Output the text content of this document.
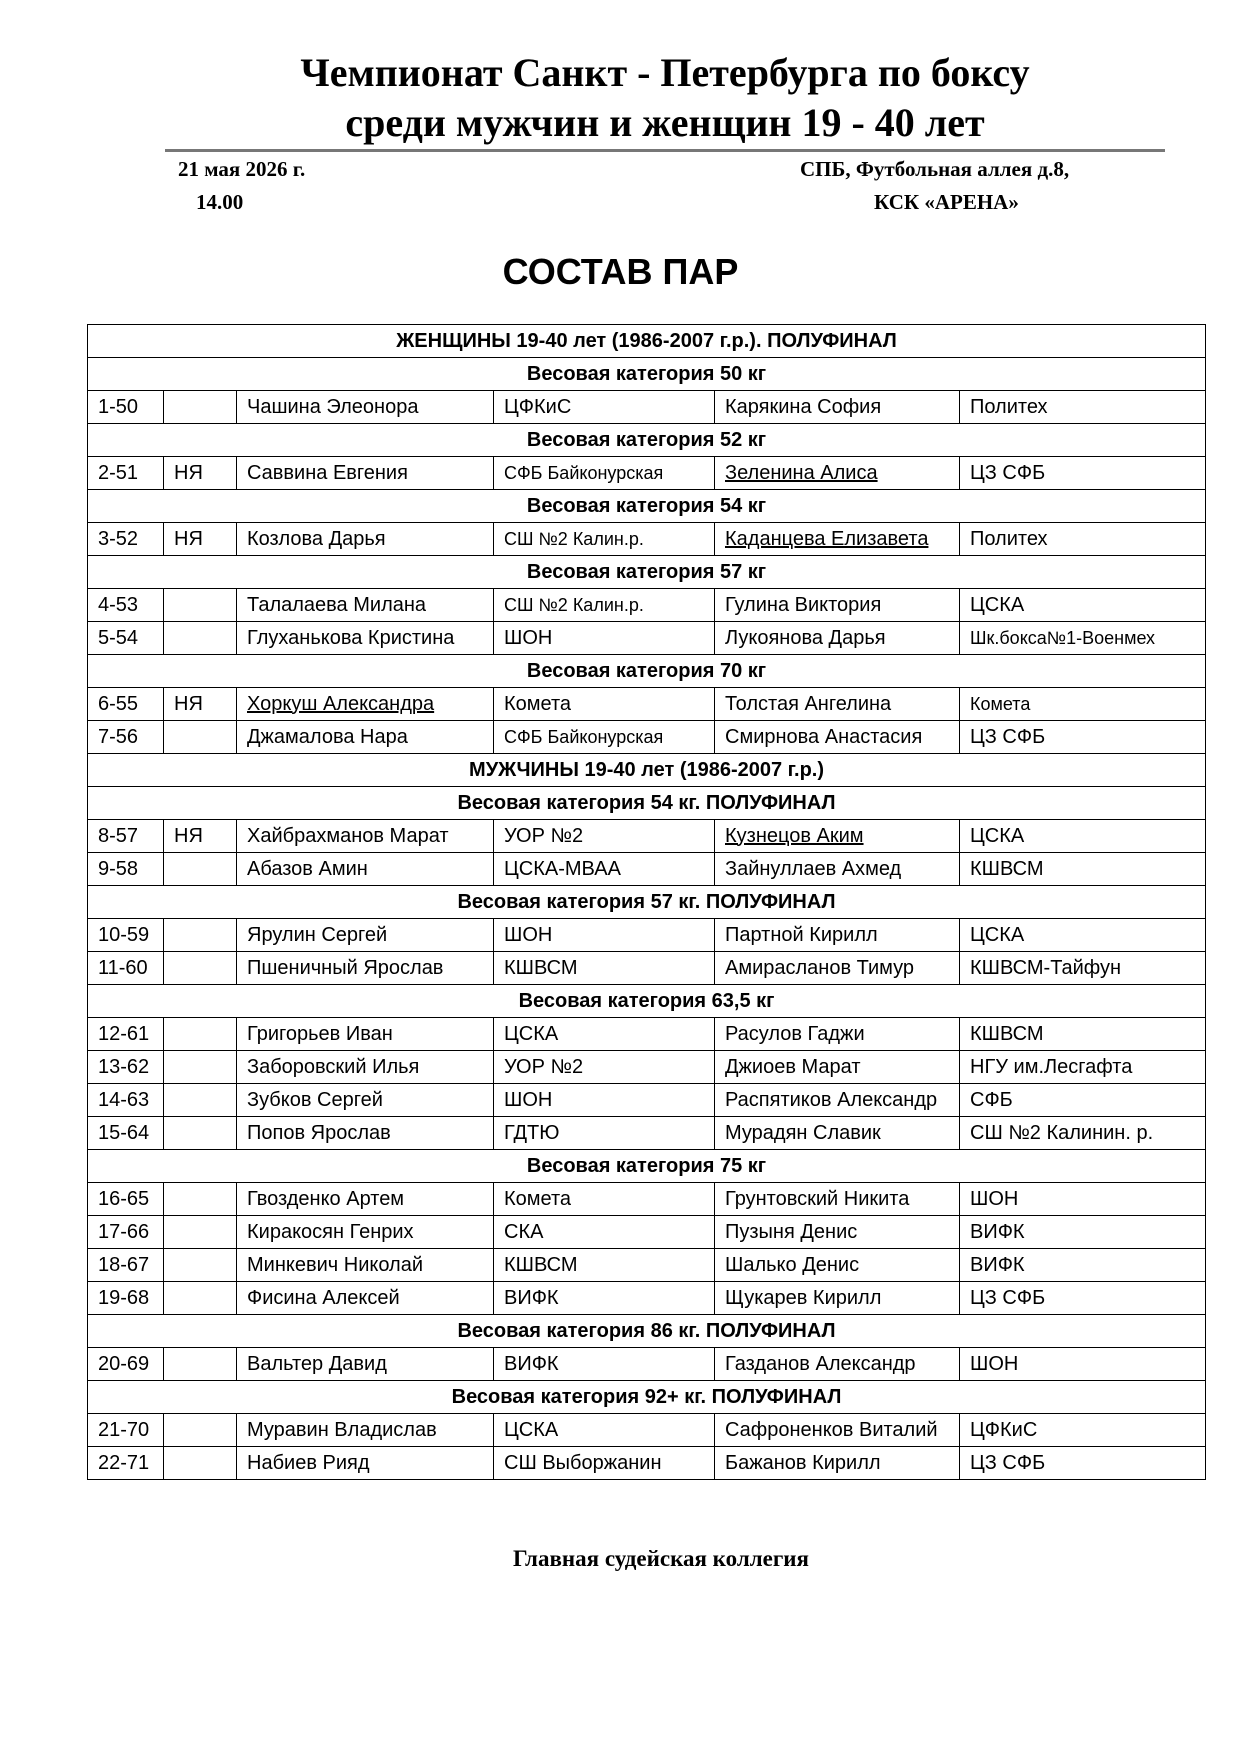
Чемпионат Санкт - Петербурга по боксу
среди мужчин и женщин 19 - 40 лет
21 мая 2026 г.
14.00
СПБ, Футбольная аллея д.8,
КСК «АРЕНА»
СОСТАВ ПАР
ЖЕНЩИНЫ 19-40 лет (1986-2007 г.р.). ПОЛУФИНАЛ					
Весовая категория 50 кг					
1-50		Чашина Элеонора	ЦФКиС	Карякина София	Политех
Весовая категория 52 кг					
2-51	НЯ	Саввина Евгения	СФБ Байконурская	Зеленина Алиса	ЦЗ СФБ
Весовая категория 54 кг					
3-52	НЯ	Козлова Дарья	СШ №2 Калин.р.	Каданцева Елизавета	Политех
Весовая категория 57 кг					
4-53		Талалаева Милана	СШ №2 Калин.р.	Гулина Виктория	ЦСКА
5-54		Глуханькова Кристина	ШОН	Лукоянова Дарья	Шк.бокса№1-Военмех
Весовая категория 70 кг					
6-55	НЯ	Хоркуш Александра	Комета	Толстая Ангелина	Комета
7-56		Джамалова Нара	СФБ Байконурская	Смирнова Анастасия	ЦЗ СФБ
МУЖЧИНЫ 19-40 лет (1986-2007 г.р.)					
Весовая категория 54 кг. ПОЛУФИНАЛ					
8-57	НЯ	Хайбрахманов Марат	УОР №2	Кузнецов Аким	ЦСКА
9-58		Абазов Амин	ЦСКА-МВАА	Зайнуллаев Ахмед	КШВСМ
Весовая категория 57 кг. ПОЛУФИНАЛ					
10-59		Ярулин Сергей	ШОН	Партной Кирилл	ЦСКА
11-60		Пшеничный Ярослав	КШВСМ	Амирасланов Тимур	КШВСМ-Тайфун
Весовая категория 63,5 кг					
12-61		Григорьев Иван	ЦСКА	Расулов Гаджи	КШВСМ
13-62		Заборовский Илья	УОР №2	Джиоев Марат	НГУ им.Лесгафта
14-63		Зубков Сергей	ШОН	Распятиков Александр	СФБ
15-64		Попов Ярослав	ГДТЮ	Мурадян Славик	СШ №2 Калинин. р.
Весовая категория 75 кг					
16-65		Гвозденко Артем	Комета	Грунтовский Никита	ШОН
17-66		Киракосян Генрих	СКА	Пузыня Денис	ВИФК
18-67		Минкевич Николай	КШВСМ	Шалько Денис	ВИФК
19-68		Фисина Алексей	ВИФК	Щукарев Кирилл	ЦЗ СФБ
Весовая категория 86 кг. ПОЛУФИНАЛ					
20-69		Вальтер Давид	ВИФК	Газданов Александр	ШОН
Весовая категория 92+ кг. ПОЛУФИНАЛ					
21-70		Муравин Владислав	ЦСКА	Сафроненков Виталий	ЦФКиС
22-71		Набиев Рияд	СШ Выборжанин	Бажанов Кирилл	ЦЗ СФБ
Главная судейская коллегия
